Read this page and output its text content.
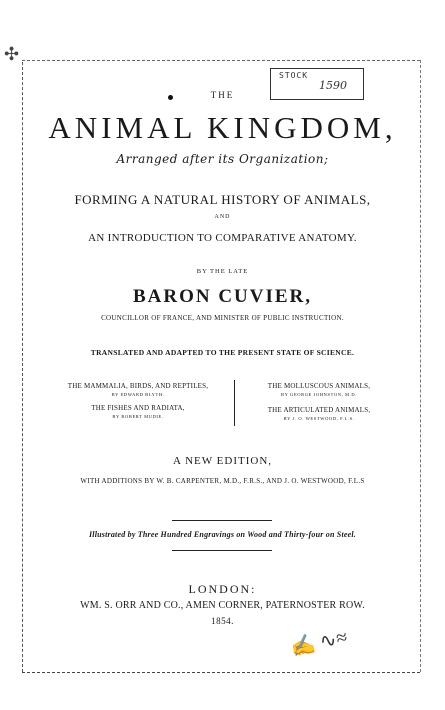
✣
STOCK
1590
THE
ANIMAL KINGDOM,
Arranged after its Organization;
FORMING A NATURAL HISTORY OF ANIMALS,
AND
AN INTRODUCTION TO COMPARATIVE ANATOMY.
BY THE LATE
BARON CUVIER,
COUNCILLOR OF FRANCE, AND MINISTER OF PUBLIC INSTRUCTION.
TRANSLATED AND ADAPTED TO THE PRESENT STATE OF SCIENCE.
THE MAMMALIA, BIRDS, AND REPTILES,
BY EDWARD BLYTH.
THE MOLLUSCOUS ANIMALS,
BY GEORGE JOHNSTON, M.D.
THE FISHES AND RADIATA,
BY ROBERT MUDIE.
THE ARTICULATED ANIMALS,
BY J. O. WESTWOOD, F.L.S.
A NEW EDITION,
WITH ADDITIONS BY W. B. CARPENTER, M.D., F.R.S., AND J. O. WESTWOOD, F.L.S
Illustrated by Three Hundred Engravings on Wood and Thirty-four on Steel.
LONDON:
WM. S. ORR AND CO., AMEN CORNER, PATERNOSTER ROW.
1854.
✍ ∿≈
